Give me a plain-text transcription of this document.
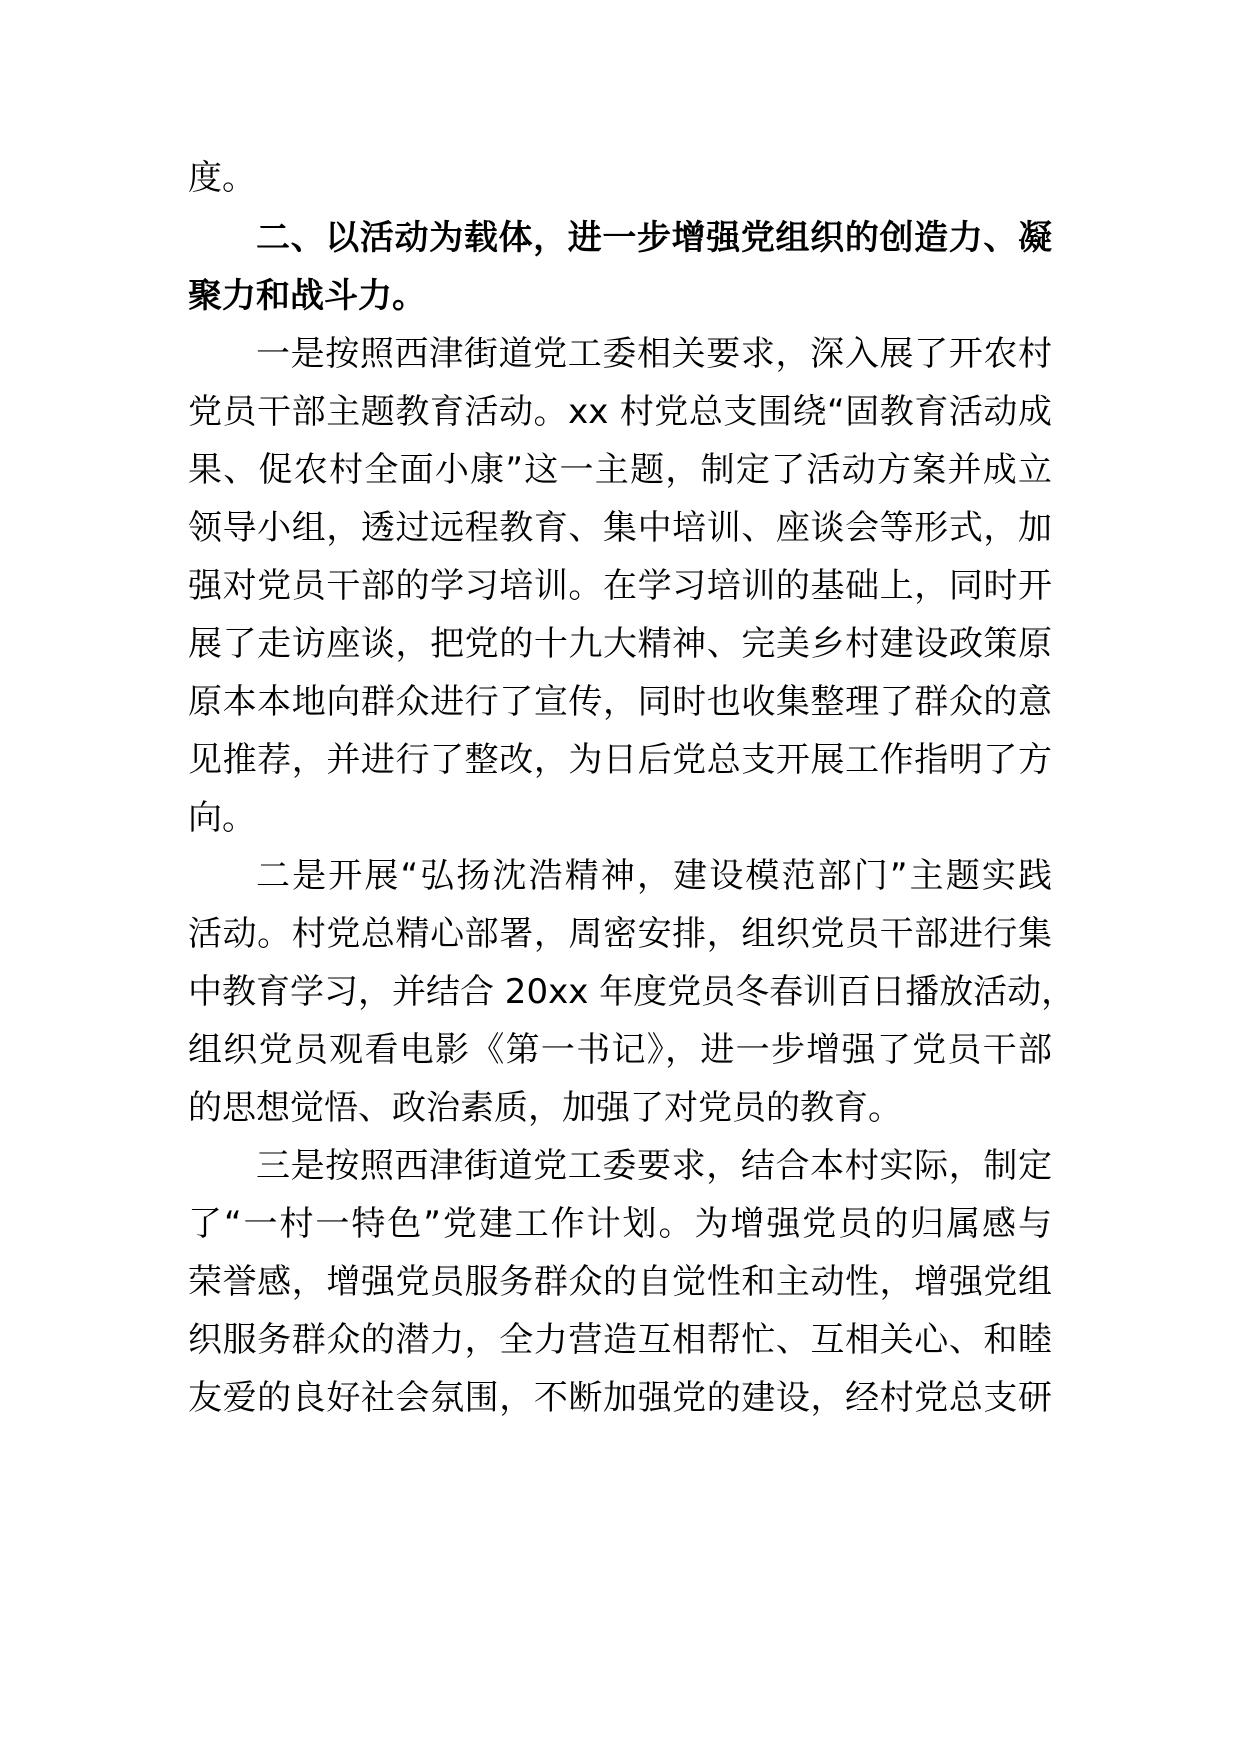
度。
二、以活动为载体，进一步增强党组织的创造力、凝
聚力和战斗力。
一是按照西津街道党工委相关要求，深入展了开农村
党员干部主题教育活动。xx 村党总支围绕“固教育活动成
果、促农村全面小康”这一主题，制定了活动方案并成立
领导小组，透过远程教育、集中培训、座谈会等形式，加
强对党员干部的学习培训。在学习培训的基础上，同时开
展了走访座谈，把党的十九大精神、完美乡村建设政策原
原本本地向群众进行了宣传，同时也收集整理了群众的意
见推荐，并进行了整改，为日后党总支开展工作指明了方
向。
二是开展“弘扬沈浩精神，建设模范部门”主题实践
活动。村党总精心部署，周密安排，组织党员干部进行集
中教育学习，并结合 20xx 年度党员冬春训百日播放活动，
组织党员观看电影《第一书记》，进一步增强了党员干部
的思想觉悟、政治素质，加强了对党员的教育。
三是按照西津街道党工委要求，结合本村实际，制定
了“一村一特色”党建工作计划。为增强党员的归属感与
荣誉感，增强党员服务群众的自觉性和主动性，增强党组
织服务群众的潜力，全力营造互相帮忙、互相关心、和睦
友爱的良好社会氛围，不断加强党的建设，经村党总支研
